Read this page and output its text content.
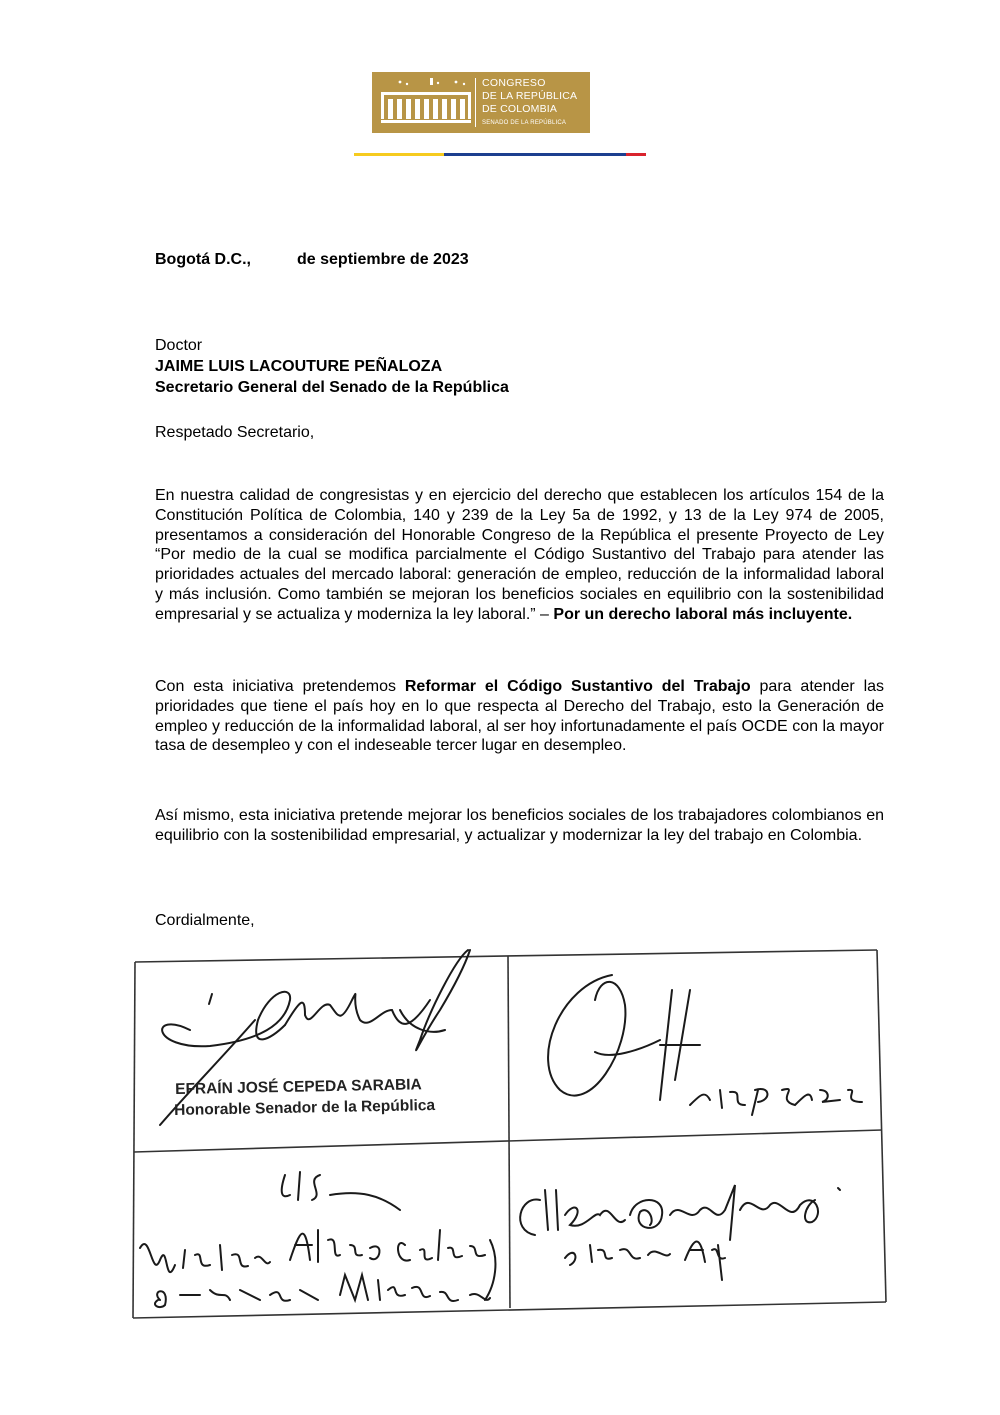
CONGRESO
DE LA REPÚBLICA
DE COLOMBIA
SENADO DE LA REPÚBLICA
Bogotá D.C.,	de septiembre de 2023
Doctor
JAIME LUIS LACOUTURE PEÑALOZA
Secretario General del Senado de la República
Respetado Secretario,
En nuestra calidad de congresistas y en ejercicio del derecho que establecen los artículos 154 de la Constitución Política de Colombia, 140 y 239 de la Ley 5a de 1992, y 13 de la Ley 974 de 2005, presentamos a consideración del Honorable Congreso de la República el presente Proyecto de Ley “Por medio de la cual se modifica parcialmente el Código Sustantivo del Trabajo para atender las prioridades actuales del mercado laboral: generación de empleo, reducción de la informalidad laboral y más inclusión. Como también se mejoran los beneficios sociales en equilibrio con la sostenibilidad empresarial y se actualiza y moderniza la ley laboral.” – Por un derecho laboral más incluyente.
Con esta iniciativa pretendemos Reformar el Código Sustantivo del Trabajo para atender las prioridades que tiene el país hoy en lo que respecta al Derecho del Trabajo, esto la Generación de empleo y reducción de la informalidad laboral, al ser hoy infortunadamente el país OCDE con la mayor tasa de desempleo y con el indeseable tercer lugar en desempleo.
Así mismo, esta iniciativa pretende mejorar los beneficios sociales de los trabajadores colombianos en equilibrio con la sostenibilidad empresarial, y actualizar y modernizar la ley del trabajo en Colombia.
Cordialmente,
EFRAÍN JOSÉ CEPEDA SARABIA
Honorable Senador de la República
